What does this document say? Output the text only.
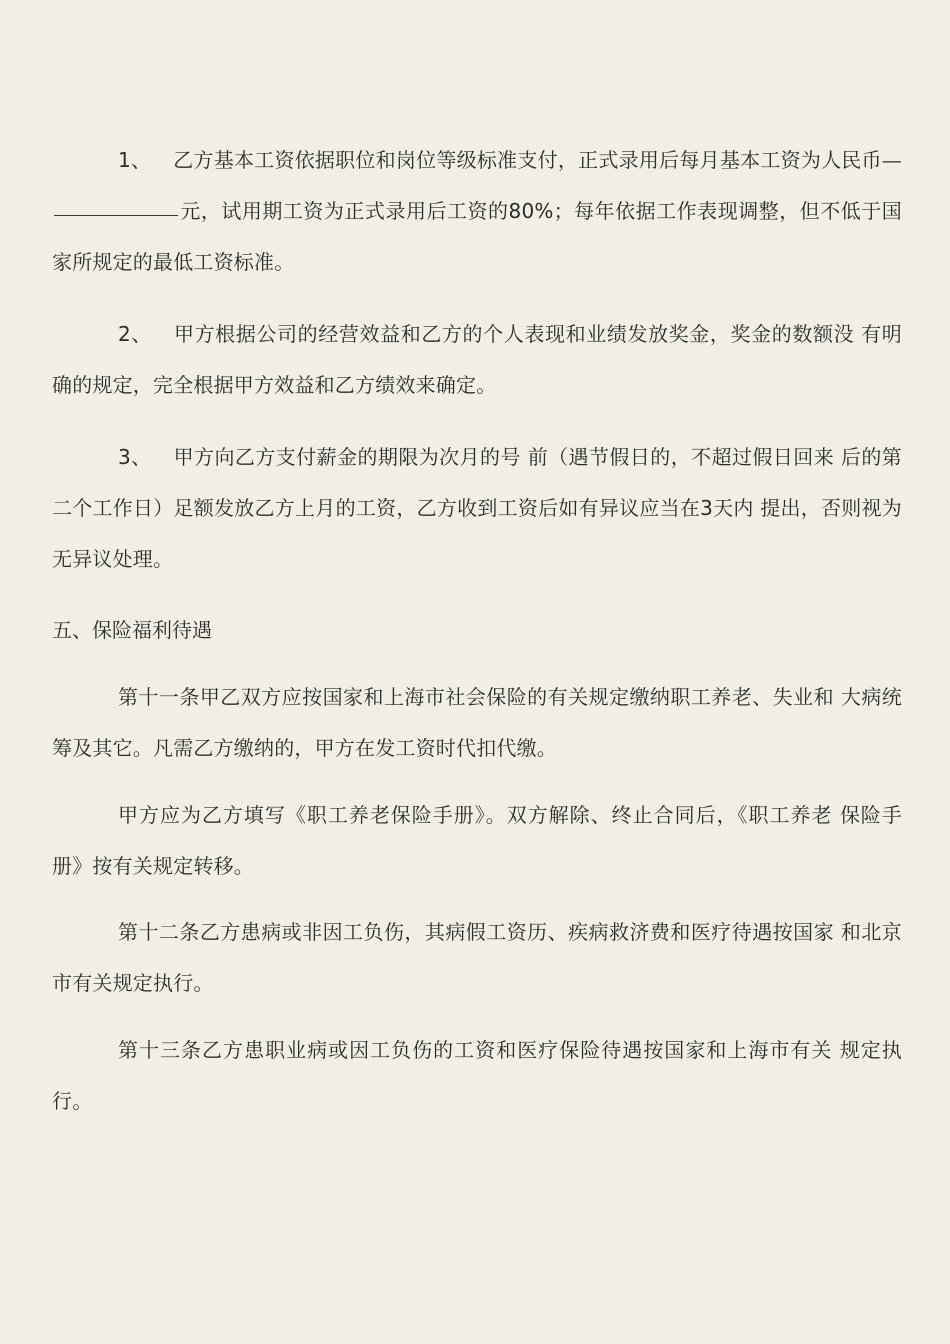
1、 乙方基本工资依据职位和岗位等级标准支付，正式录用后每月基本工资为人民币—元，试用期工资为正式录用后工资的80%；每年依据工作表现调整，但不低于国家所规定的最低工资标准。

2、 甲方根据公司的经营效益和乙方的个人表现和业绩发放奖金，奖金的数额没 有明确的规定，完全根据甲方效益和乙方绩效来确定。

3、 甲方向乙方支付薪金的期限为次月的号 前（遇节假日的，不超过假日回来 后的第二个工作日）足额发放乙方上月的工资，乙方收到工资后如有异议应当在3天内 提出，否则视为无异议处理。

五、保险福利待遇

第十一条甲乙双方应按国家和上海市社会保险的有关规定缴纳职工养老、失业和 大病统筹及其它。凡需乙方缴纳的，甲方在发工资时代扣代缴。

甲方应为乙方填写《职工养老保险手册》。双方解除、终止合同后，《职工养老 保险手册》按有关规定转移。

第十二条乙方患病或非因工负伤，其病假工资历、疾病救济费和医疗待遇按国家 和北京市有关规定执行。

第十三条乙方患职业病或因工负伤的工资和医疗保险待遇按国家和上海市有关 规定执行。
